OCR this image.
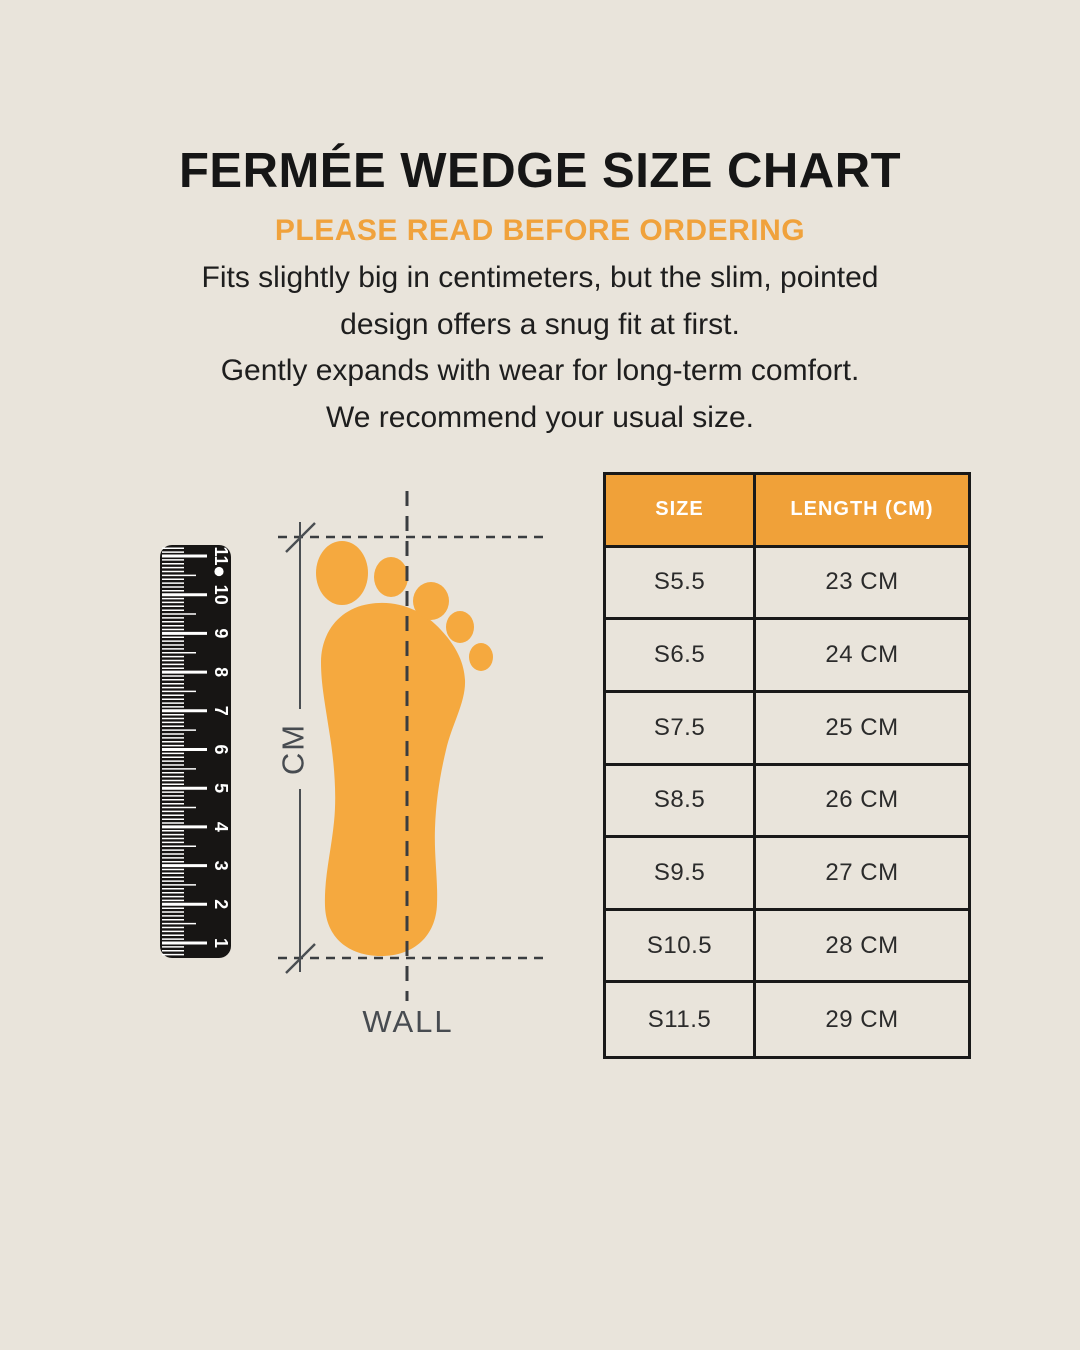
FERMÉE WEDGE SIZE CHART
PLEASE READ BEFORE ORDERING
Fits slightly big in centimeters, but the slim, pointed
design offers a snug fit at first.
Gently expands with wear for long-term comfort.
We recommend your usual size.
1
2
3
4
5
6
7
8
9
10
11
CM
WALL
SIZE	LENGTH (CM)
S5.5	23 CM
S6.5	24 CM
S7.5	25 CM
S8.5	26 CM
S9.5	27 CM
S10.5	28 CM
S11.5	29 CM
